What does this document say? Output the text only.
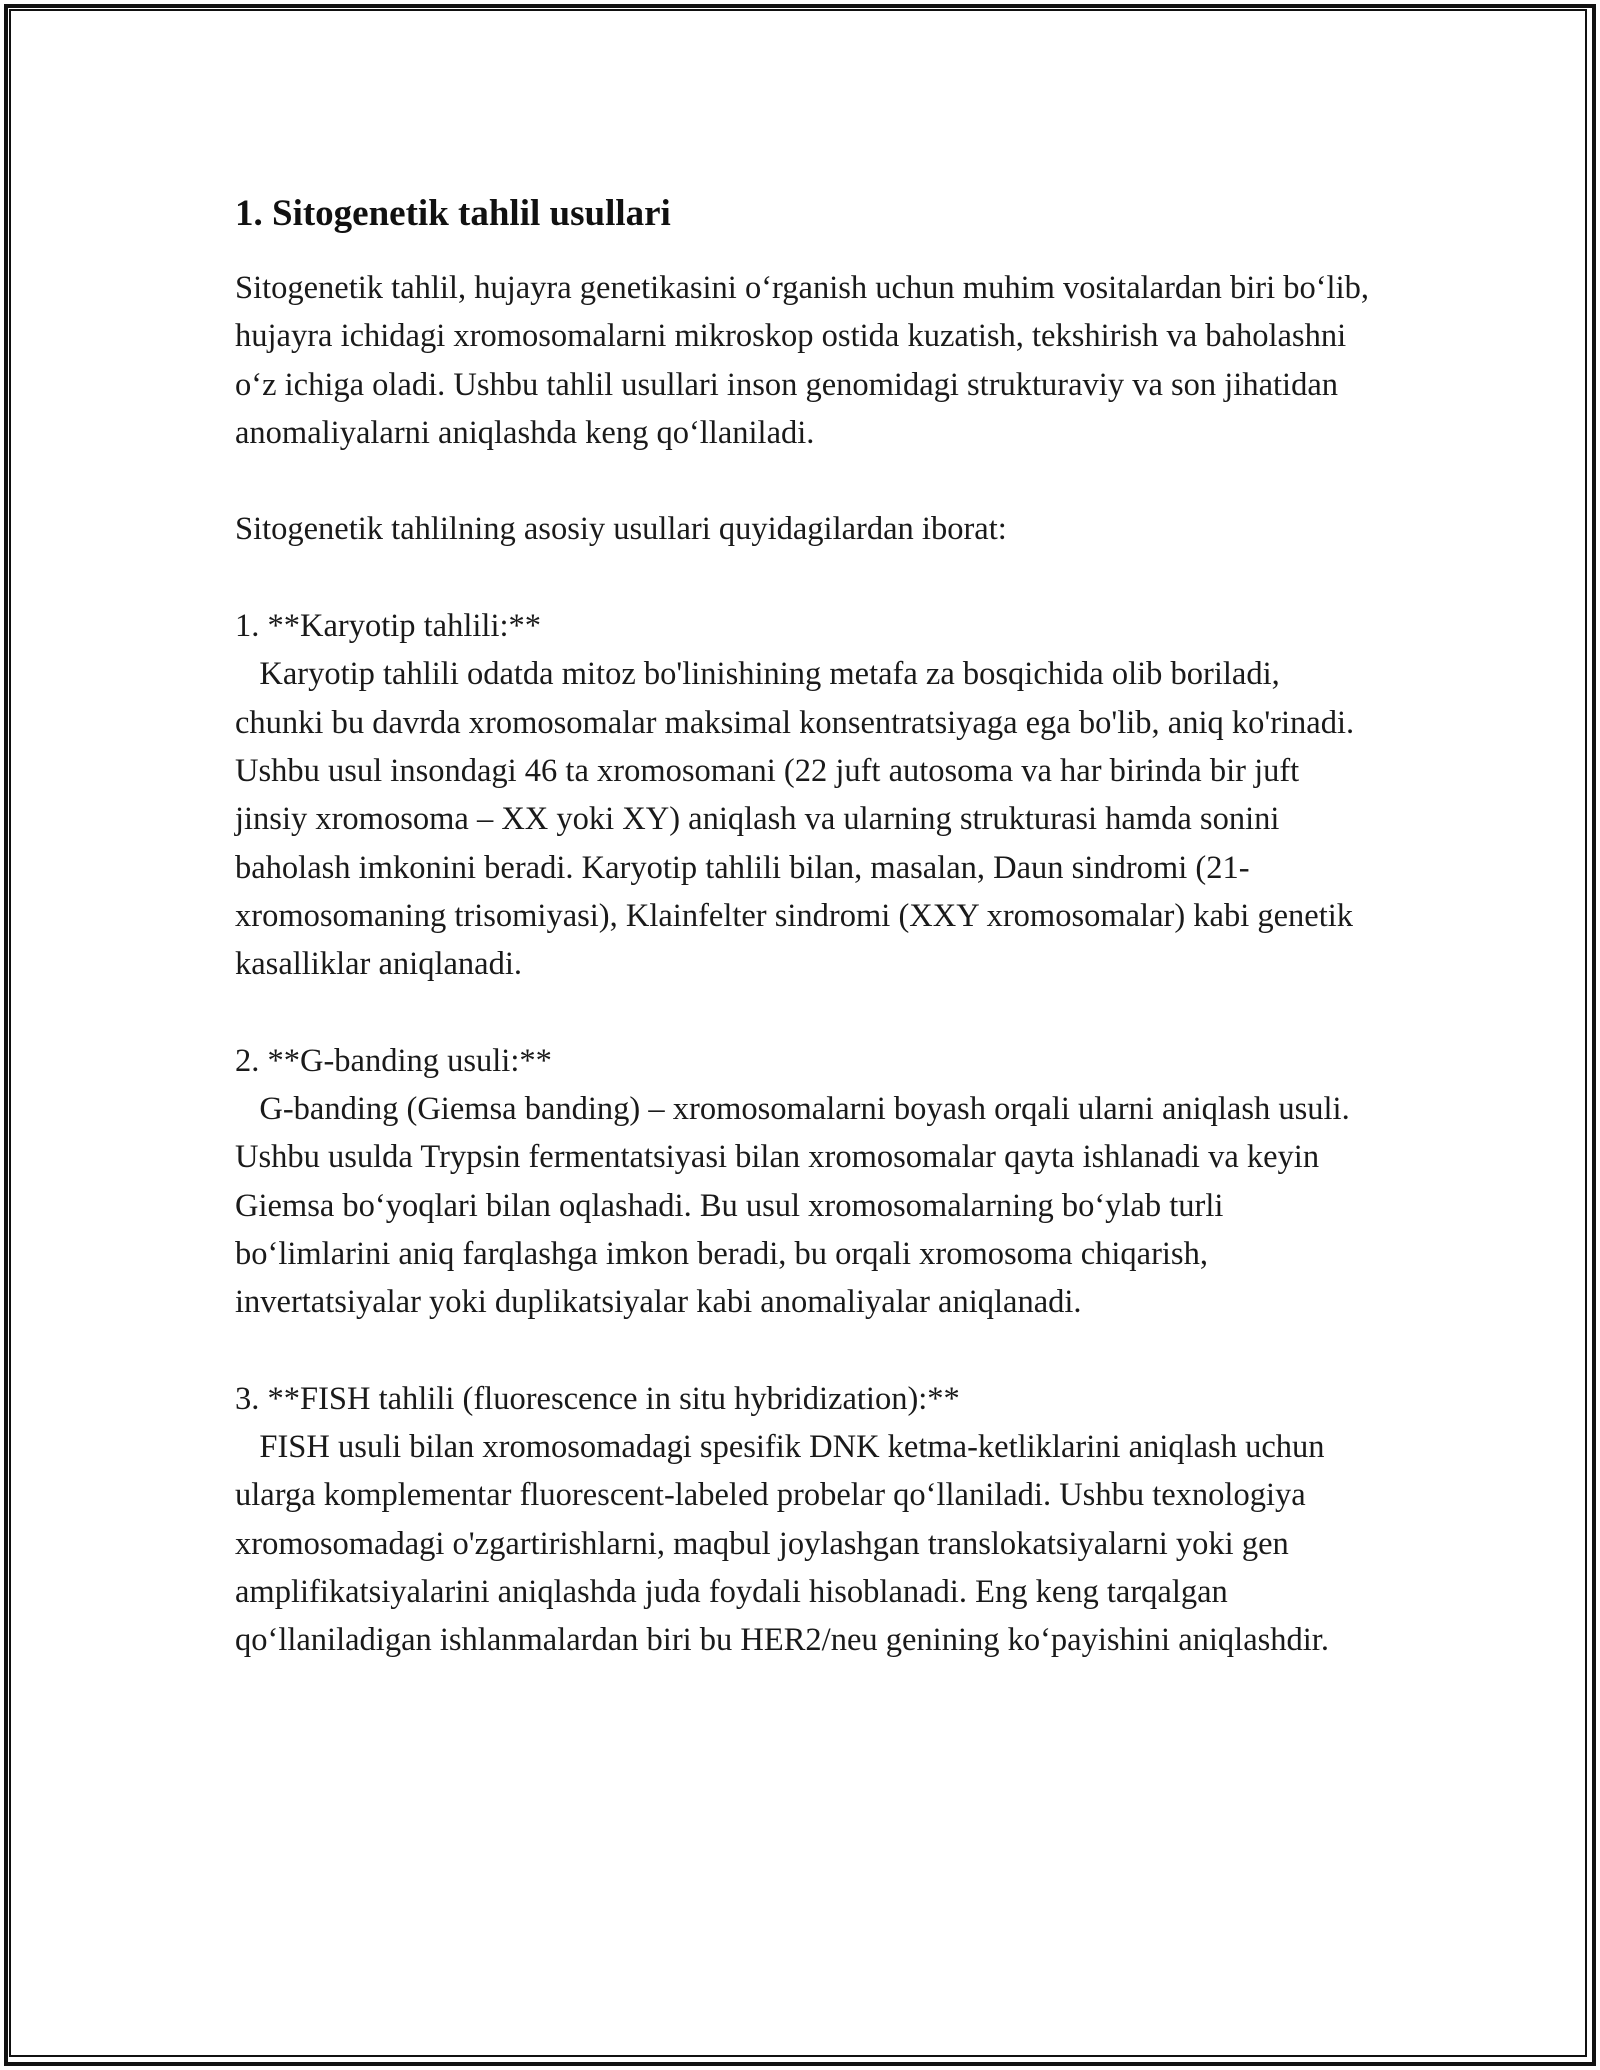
1. Sitogenetik tahlil usullari

Sitogenetik tahlil, hujayra genetikasini o‘rganish uchun muhim vositalardan biri bo‘lib, hujayra ichidagi xromosomalarni mikroskop ostida kuzatish, tekshirish va baholashni o‘z ichiga oladi. Ushbu tahlil usullari inson genomidagi strukturaviy va son jihatidan anomaliyalarni aniqlashda keng qo‘llaniladi.

Sitogenetik tahlilning asosiy usullari quyidagilardan iborat:

1. **Karyotip tahlili:**

Karyotip tahlili odatda mitoz bo'linishining metafa za bosqichida olib boriladi, chunki bu davrda xromosomalar maksimal konsentratsiyaga ega bo'lib, aniq ko'rinadi. Ushbu usul insondagi 46 ta xromosomani (22 juft autosoma va har birinda bir juft jinsiy xromosoma – XX yoki XY) aniqlash va ularning strukturasi hamda sonini baholash imkonini beradi. Karyotip tahlili bilan, masalan, Daun sindromi (21-xromosomaning trisomiyasi), Klainfelter sindromi (XXY xromosomalar) kabi genetik kasalliklar aniqlanadi.

2. **G-banding usuli:**

G-banding (Giemsa banding) – xromosomalarni boyash orqali ularni aniqlash usuli. Ushbu usulda Trypsin fermentatsiyasi bilan xromosomalar qayta ishlanadi va keyin Giemsa bo‘yoqlari bilan oqlashadi. Bu usul xromosomalarning bo‘ylab turli bo‘limlarini aniq farqlashga imkon beradi, bu orqali xromosoma chiqarish, invertatsiyalar yoki duplikatsiyalar kabi anomaliyalar aniqlanadi.

3. **FISH tahlili (fluorescence in situ hybridization):**

FISH usuli bilan xromosomadagi spesifik DNK ketma-ketliklarini aniqlash uchun ularga komplementar fluorescent-labeled probelar qo‘llaniladi. Ushbu texnologiya xromosomadagi o'zgartirishlarni, maqbul joylashgan translokatsiyalarni yoki gen amplifikatsiyalarini aniqlashda juda foydali hisoblanadi. Eng keng tarqalgan qo‘llaniladigan ishlanmalardan biri bu HER2/neu genining ko‘payishini aniqlashdir.
